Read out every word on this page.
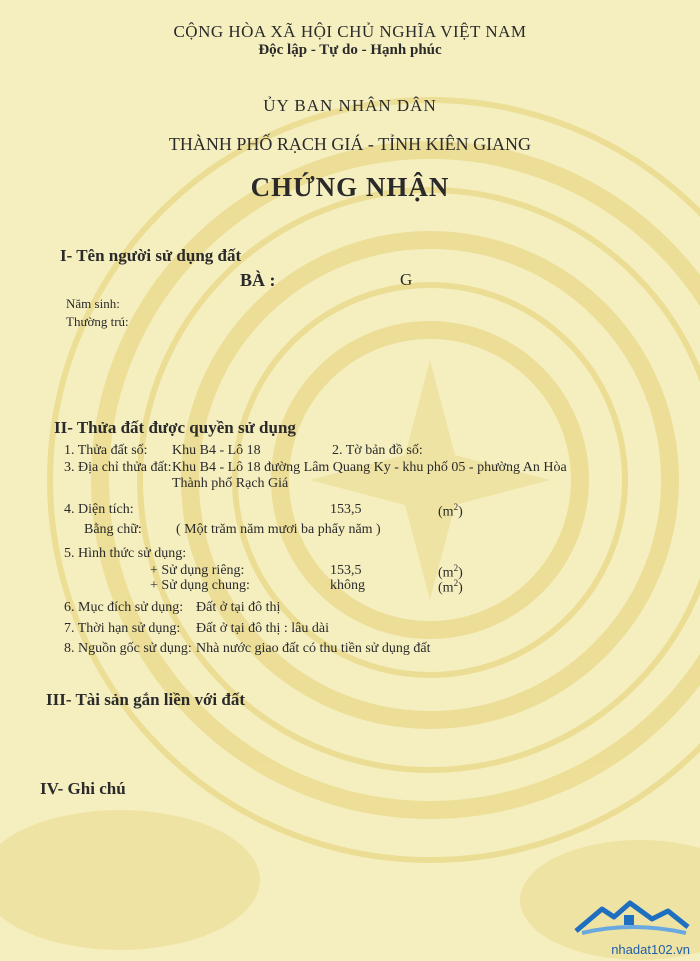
CỘNG HÒA XÃ HỘI CHỦ NGHĨA VIỆT NAM
Độc lập - Tự do - Hạnh phúc
ỦY BAN NHÂN DÂN
THÀNH PHỐ RẠCH GIÁ - TỈNH KIÊN GIANG
CHỨNG NHẬN
I- Tên người sử dụng đất
BÀ :	G
Năm sinh:
Thường trú:
II- Thửa đất được quyền sử dụng
1. Thửa đất số: Khu B4 - Lô 18	2. Tờ bản đồ số:
3. Địa chỉ thửa đất: Khu B4 - Lô 18 đường Lâm Quang Ky - khu phố 05 - phường An Hòa
Thành phố Rạch Giá
4. Diện tích:	153,5	$(m^2)$
Bằng chữ: ( Một trăm năm mươi ba phẩy năm )
5. Hình thức sử dụng:
+ Sử dụng riêng:	153,5	$(m^2)$
+ Sử dụng chung:	không	$(m^2)$
6. Mục đích sử dụng: Đất ở tại đô thị
7. Thời hạn sử dụng: Đất ở tại đô thị : lâu dài
8. Nguồn gốc sử dụng: Nhà nước giao đất có thu tiền sử dụng đất
III- Tài sản gắn liền với đất
IV- Ghi chú
nhadat102.vn
